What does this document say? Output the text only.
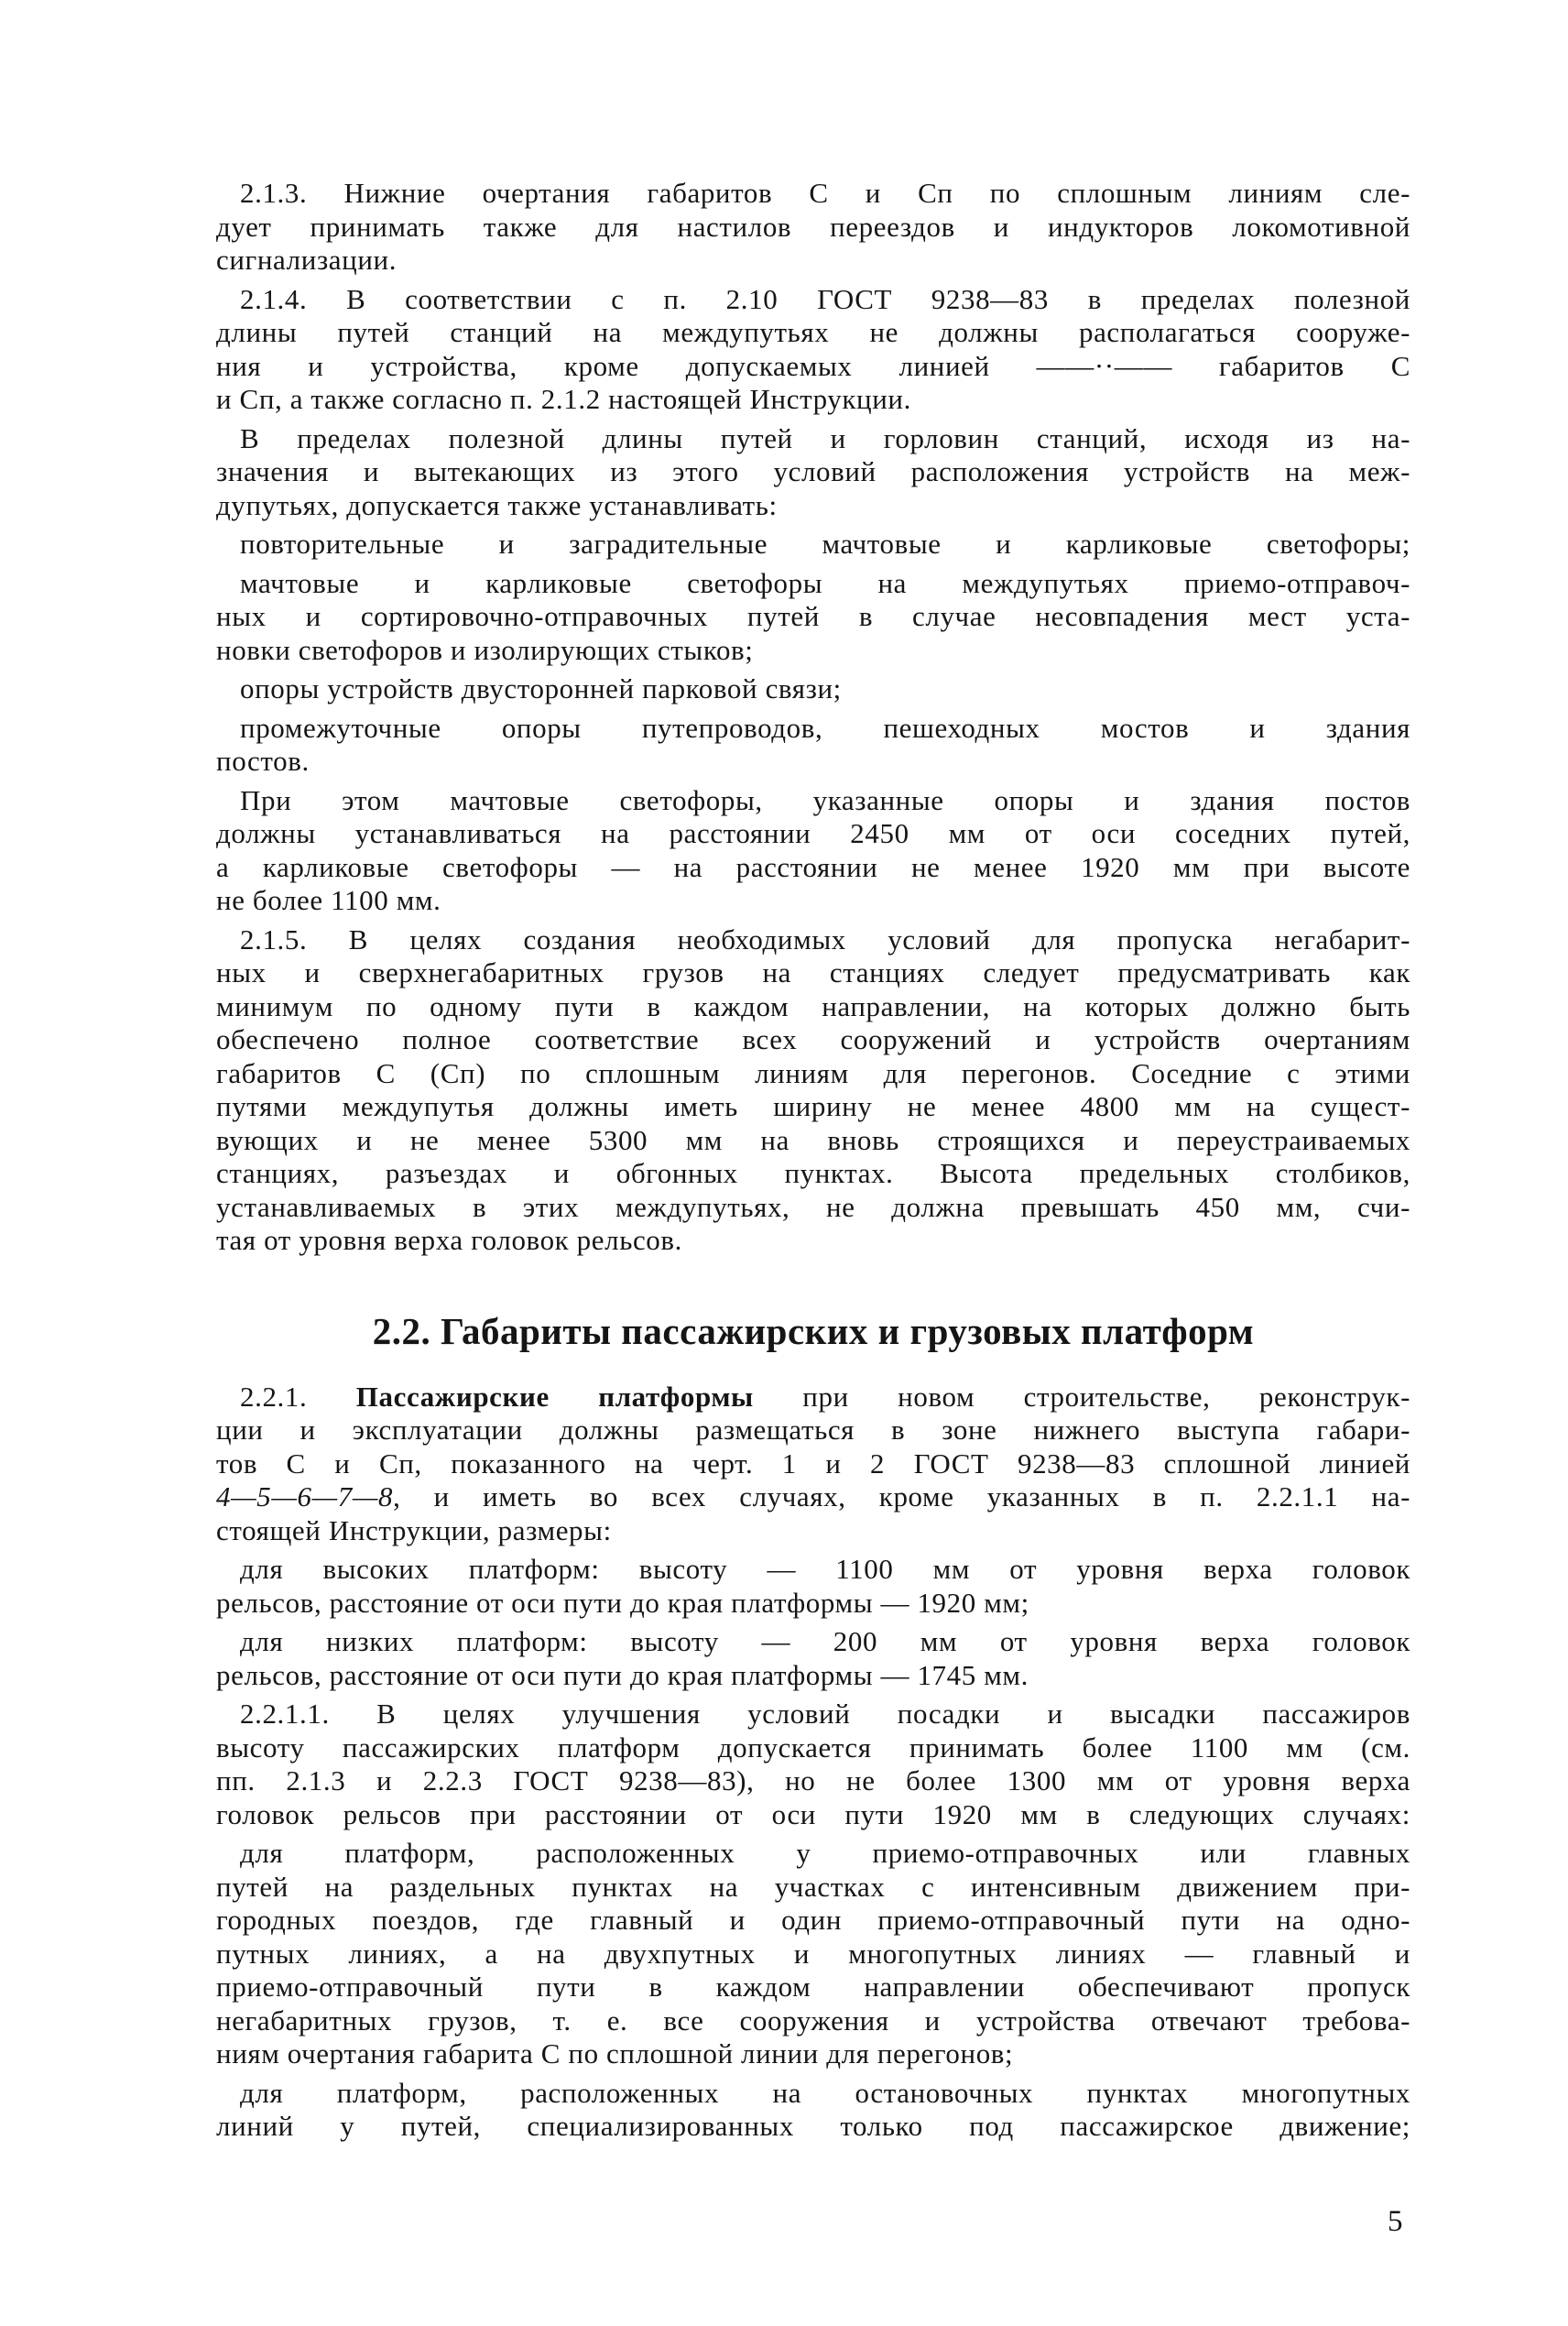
2.1.3. Нижние очертания габаритов С и Сп по сплошным линиям сле-
дует принимать также для настилов переездов и индукторов локомотивной
сигнализации.
2.1.4. В соответствии с п. 2.10 ГОСТ 9238—83 в пределах полезной
длины путей станций на междупутьях не должны располагаться сооруже-
ния и устройства, кроме допускаемых линией ——··—— габаритов С
и Сп, а также согласно п. 2.1.2 настоящей Инструкции.
В пределах полезной длины путей и горловин станций, исходя из на-
значения и вытекающих из этого условий расположения устройств на меж-
дупутьях, допускается также устанавливать:
повторительные и заградительные мачтовые и карликовые светофоры;
мачтовые и карликовые светофоры на междупутьях приемо-отправоч-
ных и сортировочно-отправочных путей в случае несовпадения мест уста-
новки светофоров и изолирующих стыков;
опоры устройств двусторонней парковой связи;
промежуточные опоры путепроводов, пешеходных мостов и здания
постов.
При этом мачтовые светофоры, указанные опоры и здания постов
должны устанавливаться на расстоянии 2450 мм от оси соседних путей,
а карликовые светофоры — на расстоянии не менее 1920 мм при высоте
не более 1100 мм.
2.1.5. В целях создания необходимых условий для пропуска негабарит-
ных и сверхнегабаритных грузов на станциях следует предусматривать как
минимум по одному пути в каждом направлении, на которых должно быть
обеспечено полное соответствие всех сооружений и устройств очертаниям
габаритов С (Сп) по сплошным линиям для перегонов. Соседние с этими
путями междупутья должны иметь ширину не менее 4800 мм на сущест-
вующих и не менее 5300 мм на вновь строящихся и переустраиваемых
станциях, разъездах и обгонных пунктах. Высота предельных столбиков,
устанавливаемых в этих междупутьях, не должна превышать 450 мм, счи-
тая от уровня верха головок рельсов.
2.2. Габариты пассажирских и грузовых платформ
2.2.1. Пассажирские платформы при новом строительстве, реконструк-
ции и эксплуатации должны размещаться в зоне нижнего выступа габари-
тов С и Сп, показанного на черт. 1 и 2 ГОСТ 9238—83 сплошной линией
4—5—6—7—8, и иметь во всех случаях, кроме указанных в п. 2.2.1.1 на-
стоящей Инструкции, размеры:
для высоких платформ: высоту — 1100 мм от уровня верха головок
рельсов, расстояние от оси пути до края платформы — 1920 мм;
для низких платформ: высоту — 200 мм от уровня верха головок
рельсов, расстояние от оси пути до края платформы — 1745 мм.
2.2.1.1. В целях улучшения условий посадки и высадки пассажиров
высоту пассажирских платформ допускается принимать более 1100 мм (см.
пп. 2.1.3 и 2.2.3 ГОСТ 9238—83), но не более 1300 мм от уровня верха
головок рельсов при расстоянии от оси пути 1920 мм в следующих случаях:
для платформ, расположенных у приемо-отправочных или главных
путей на раздельных пунктах на участках с интенсивным движением при-
городных поездов, где главный и один приемо-отправочный пути на одно-
путных линиях, а на двухпутных и многопутных линиях — главный и
приемо-отправочный пути в каждом направлении обеспечивают пропуск
негабаритных грузов, т. е. все сооружения и устройства отвечают требова-
ниям очертания габарита С по сплошной линии для перегонов;
для платформ, расположенных на остановочных пунктах многопутных
линий у путей, специализированных только под пассажирское движение;
5
